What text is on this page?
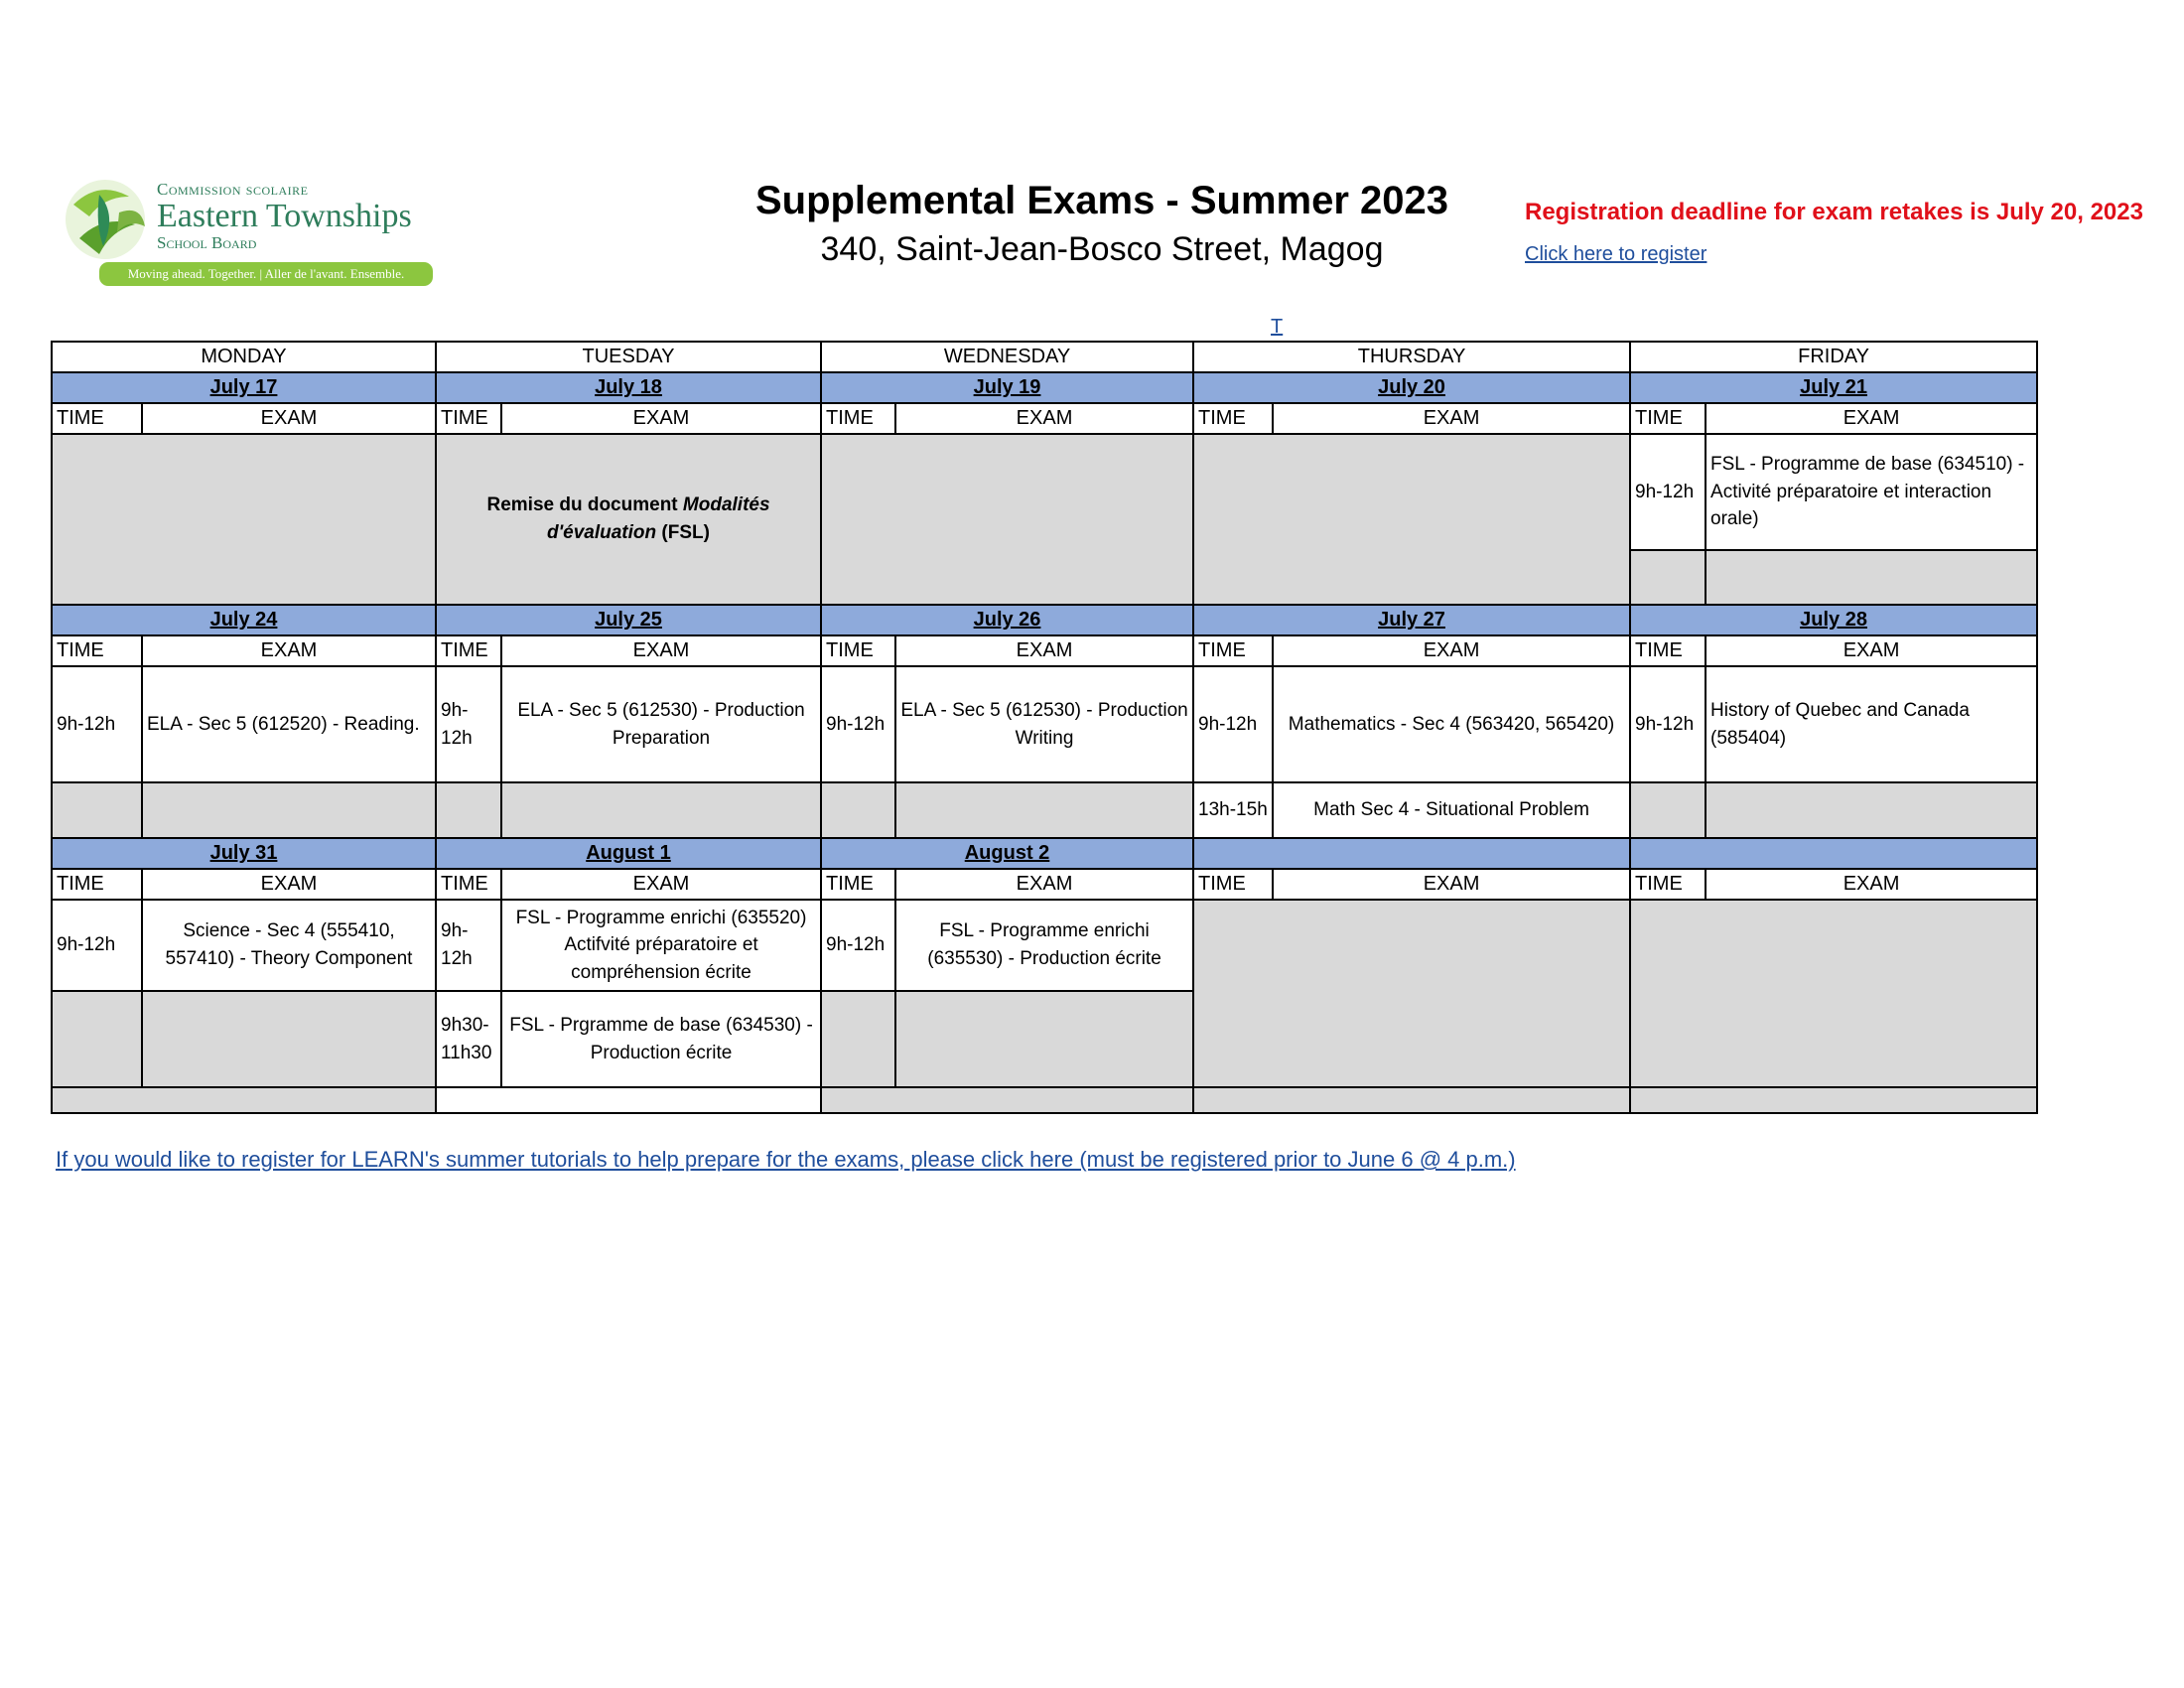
Commission scolaire
Eastern Townships
School Board
Moving ahead. Together. | Aller de l'avant. Ensemble.
Supplemental Exams - Summer 2023
340, Saint-Jean-Bosco Street, Magog
Registration deadline for exam retakes is July 20, 2023
Click here to register
T
MONDAY		TUESDAY		WEDNESDAY		THURSDAY		FRIDAY	
July 17		July 18		July 19		July 20		July 21	
TIME	EXAM	TIME	EXAM	TIME	EXAM	TIME	EXAM	TIME	EXAM
		Remise du document Modalités d'évaluation (FSL)						9h-12h	FSL - Programme de base (634510) - Activité préparatoire et interaction orale)

July 24		July 25		July 26		July 27		July 28	
TIME	EXAM	TIME	EXAM	TIME	EXAM	TIME	EXAM	TIME	EXAM
9h-12h	ELA - Sec 5 (612520) - Reading.	9h-12h	ELA - Sec 5 (612530) - Production Preparation	9h-12h	ELA - Sec 5 (612530) - Production Writing	9h-12h	Mathematics - Sec 4 (563420, 565420)	9h-12h	History of Quebec and Canada (585404)
						13h-15h	Math Sec 4 - Situational Problem		
July 31		August 1		August 2					
TIME	EXAM	TIME	EXAM	TIME	EXAM	TIME	EXAM	TIME	EXAM
9h-12h	Science - Sec 4 (555410, 557410) - Theory Component	9h-12h	FSL - Programme enrichi (635520) Actifvité préparatoire et compréhension écrite	9h-12h	FSL - Programme enrichi (635530) - Production écrite				
		9h30-11h30	FSL - Prgramme de base (634530) - Production écrite						

If you would like to register for LEARN's summer tutorials to help prepare for the exams, please click here (must be registered prior to June 6 @ 4 p.m.)
